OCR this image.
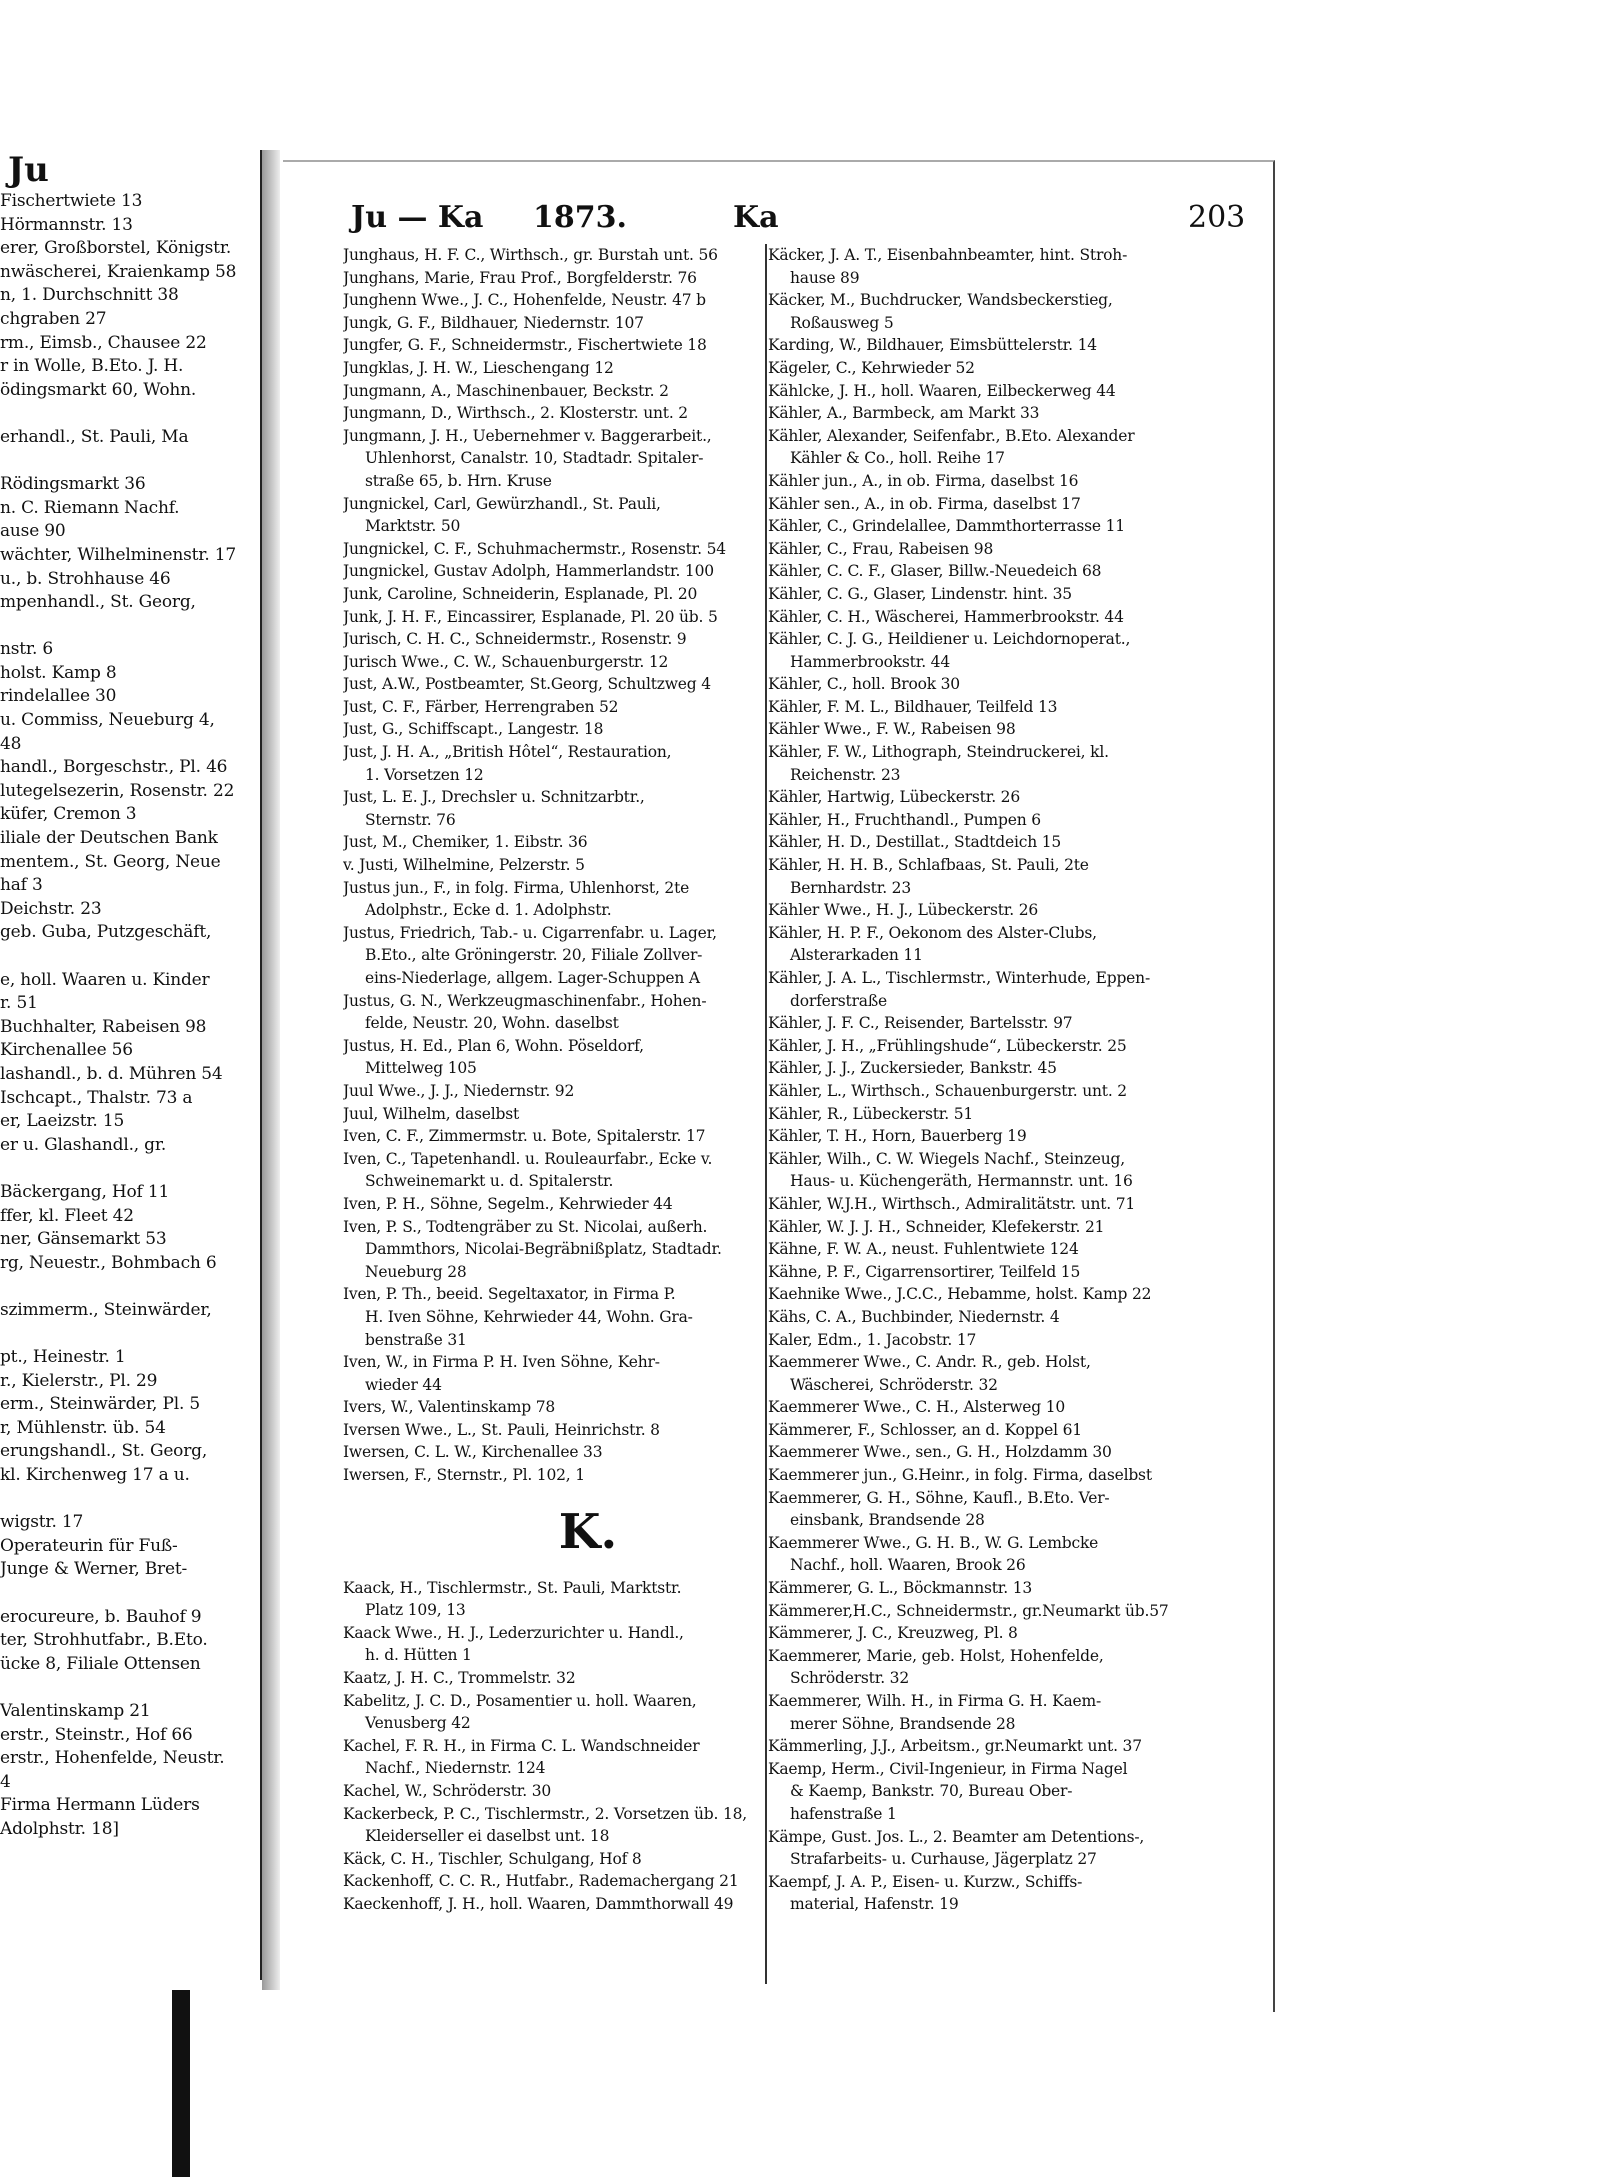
Ju
Fischertwiete 13
Hörmannstr. 13
erer, Großborstel, Königstr.
nwäscherei, Kraienkamp 58
n, 1. Durchschnitt 38
chgraben 27
rm., Eimsb., Chausee 22
r in Wolle, B.Eto. J. H.
ödingsmarkt 60, Wohn.
erhandl., St. Pauli, Ma
Rödingsmarkt 36
n. C. Riemann Nachf.
ause 90
wächter, Wilhelminenstr. 17
u., b. Strohhause 46
mpenhandl., St. Georg,
nstr. 6
holst. Kamp 8
rindelallee 30
u. Commiss, Neueburg 4,
48
handl., Borgeschstr., Pl. 46
lutegelsezerin, Rosenstr. 22
küfer, Cremon 3
iliale der Deutschen Bank
mentem., St. Georg, Neue
haf 3
Deichstr. 23
geb. Guba, Putzgeschäft,
e, holl. Waaren u. Kinder
r. 51
Buchhalter, Rabeisen 98
Kirchenallee 56
lashandl., b. d. Mühren 54
Ischcapt., Thalstr. 73 a
er, Laeizstr. 15
er u. Glashandl., gr.
Bäckergang, Hof 11
ffer, kl. Fleet 42
ner, Gänsemarkt 53
rg, Neuestr., Bohmbach 6
szimmerm., Steinwärder,
pt., Heinestr. 1
r., Kielerstr., Pl. 29
erm., Steinwärder, Pl. 5
r, Mühlenstr. üb. 54
erungshandl., St. Georg,
kl. Kirchenweg 17 a u.
wigstr. 17
Operateurin für Fuß-
Junge & Werner, Bret-
erocureure, b. Bauhof 9
ter, Strohhutfabr., B.Eto.
ücke 8, Filiale Ottensen
Valentinskamp 21
erstr., Steinstr., Hof 66
erstr., Hohenfelde, Neustr.
4
Firma Hermann Lüders
Adolphstr. 18]
Ju — Ka 1873.	Ka	203
Junghaus, H. F. C., Wirthsch., gr. Burstah unt. 56
Junghans, Marie, Frau Prof., Borgfelderstr. 76
Junghenn Wwe., J. C., Hohenfelde, Neustr. 47 b
Jungk, G. F., Bildhauer, Niedernstr. 107
Jungfer, G. F., Schneidermstr., Fischertwiete 18
Jungklas, J. H. W., Lieschengang 12
Jungmann, A., Maschinenbauer, Beckstr. 2
Jungmann, D., Wirthsch., 2. Klosterstr. unt. 2
Jungmann, J. H., Uebernehmer v. Baggerarbeit.,
Uhlenhorst, Canalstr. 10, Stadtadr. Spitaler-
straße 65, b. Hrn. Kruse
Jungnickel, Carl, Gewürzhandl., St. Pauli,
Marktstr. 50
Jungnickel, C. F., Schuhmachermstr., Rosenstr. 54
Jungnickel, Gustav Adolph, Hammerlandstr. 100
Junk, Caroline, Schneiderin, Esplanade, Pl. 20
Junk, J. H. F., Eincassirer, Esplanade, Pl. 20 üb. 5
Jurisch, C. H. C., Schneidermstr., Rosenstr. 9
Jurisch Wwe., C. W., Schauenburgerstr. 12
Just, A.W., Postbeamter, St.Georg, Schultzweg 4
Just, C. F., Färber, Herrengraben 52
Just, G., Schiffscapt., Langestr. 18
Just, J. H. A., „British Hôtel“, Restauration,
1. Vorsetzen 12
Just, L. E. J., Drechsler u. Schnitzarbtr.,
Sternstr. 76
Just, M., Chemiker, 1. Eibstr. 36
v. Justi, Wilhelmine, Pelzerstr. 5
Justus jun., F., in folg. Firma, Uhlenhorst, 2te
Adolphstr., Ecke d. 1. Adolphstr.
Justus, Friedrich, Tab.- u. Cigarrenfabr. u. Lager,
B.Eto., alte Gröningerstr. 20, Filiale Zollver-
eins-Niederlage, allgem. Lager-Schuppen A
Justus, G. N., Werkzeugmaschinenfabr., Hohen-
felde, Neustr. 20, Wohn. daselbst
Justus, H. Ed., Plan 6, Wohn. Pöseldorf,
Mittelweg 105
Juul Wwe., J. J., Niedernstr. 92
Juul, Wilhelm, daselbst
Iven, C. F., Zimmermstr. u. Bote, Spitalerstr. 17
Iven, C., Tapetenhandl. u. Rouleaurfabr., Ecke v.
Schweinemarkt u. d. Spitalerstr.
Iven, P. H., Söhne, Segelm., Kehrwieder 44
Iven, P. S., Todtengräber zu St. Nicolai, außerh.
Dammthors, Nicolai-Begräbnißplatz, Stadtadr.
Neueburg 28
Iven, P. Th., beeid. Segeltaxator, in Firma P.
H. Iven Söhne, Kehrwieder 44, Wohn. Gra-
benstraße 31
Iven, W., in Firma P. H. Iven Söhne, Kehr-
wieder 44
Ivers, W., Valentinskamp 78
Iversen Wwe., L., St. Pauli, Heinrichstr. 8
Iwersen, C. L. W., Kirchenallee 33
Iwersen, F., Sternstr., Pl. 102, 1
K.
Kaack, H., Tischlermstr., St. Pauli, Marktstr.
Platz 109, 13
Kaack Wwe., H. J., Lederzurichter u. Handl.,
h. d. Hütten 1
Kaatz, J. H. C., Trommelstr. 32
Kabelitz, J. C. D., Posamentier u. holl. Waaren,
Venusberg 42
Kachel, F. R. H., in Firma C. L. Wandschneider
Nachf., Niedernstr. 124
Kachel, W., Schröderstr. 30
Kackerbeck, P. C., Tischlermstr., 2. Vorsetzen üb. 18,
Kleiderseller ei daselbst unt. 18
Käck, C. H., Tischler, Schulgang, Hof 8
Kackenhoff, C. C. R., Hutfabr., Rademachergang 21
Kaeckenhoff, J. H., holl. Waaren, Dammthorwall 49
Käcker, J. A. T., Eisenbahnbeamter, hint. Stroh-
hause 89
Käcker, M., Buchdrucker, Wandsbeckerstieg,
Roßausweg 5
Karding, W., Bildhauer, Eimsbüttelerstr. 14
Kägeler, C., Kehrwieder 52
Kählcke, J. H., holl. Waaren, Eilbeckerweg 44
Kähler, A., Barmbeck, am Markt 33
Kähler, Alexander, Seifenfabr., B.Eto. Alexander
Kähler & Co., holl. Reihe 17
Kähler jun., A., in ob. Firma, daselbst 16
Kähler sen., A., in ob. Firma, daselbst 17
Kähler, C., Grindelallee, Dammthorterrasse 11
Kähler, C., Frau, Rabeisen 98
Kähler, C. C. F., Glaser, Billw.-Neuedeich 68
Kähler, C. G., Glaser, Lindenstr. hint. 35
Kähler, C. H., Wäscherei, Hammerbrookstr. 44
Kähler, C. J. G., Heildiener u. Leichdornoperat.,
Hammerbrookstr. 44
Kähler, C., holl. Brook 30
Kähler, F. M. L., Bildhauer, Teilfeld 13
Kähler Wwe., F. W., Rabeisen 98
Kähler, F. W., Lithograph, Steindruckerei, kl.
Reichenstr. 23
Kähler, Hartwig, Lübeckerstr. 26
Kähler, H., Fruchthandl., Pumpen 6
Kähler, H. D., Destillat., Stadtdeich 15
Kähler, H. H. B., Schlafbaas, St. Pauli, 2te
Bernhardstr. 23
Kähler Wwe., H. J., Lübeckerstr. 26
Kähler, H. P. F., Oekonom des Alster-Clubs,
Alsterarkaden 11
Kähler, J. A. L., Tischlermstr., Winterhude, Eppen-
dorferstraße
Kähler, J. F. C., Reisender, Bartelsstr. 97
Kähler, J. H., „Frühlingshude“, Lübeckerstr. 25
Kähler, J. J., Zuckersieder, Bankstr. 45
Kähler, L., Wirthsch., Schauenburgerstr. unt. 2
Kähler, R., Lübeckerstr. 51
Kähler, T. H., Horn, Bauerberg 19
Kähler, Wilh., C. W. Wiegels Nachf., Steinzeug,
Haus- u. Küchengeräth, Hermannstr. unt. 16
Kähler, W.J.H., Wirthsch., Admiralitätstr. unt. 71
Kähler, W. J. J. H., Schneider, Klefekerstr. 21
Kähne, F. W. A., neust. Fuhlentwiete 124
Kähne, P. F., Cigarrensortirer, Teilfeld 15
Kaehnike Wwe., J.C.C., Hebamme, holst. Kamp 22
Kähs, C. A., Buchbinder, Niedernstr. 4
Kaler, Edm., 1. Jacobstr. 17
Kaemmerer Wwe., C. Andr. R., geb. Holst,
Wäscherei, Schröderstr. 32
Kaemmerer Wwe., C. H., Alsterweg 10
Kämmerer, F., Schlosser, an d. Koppel 61
Kaemmerer Wwe., sen., G. H., Holzdamm 30
Kaemmerer jun., G.Heinr., in folg. Firma, daselbst
Kaemmerer, G. H., Söhne, Kaufl., B.Eto. Ver-
einsbank, Brandsende 28
Kaemmerer Wwe., G. H. B., W. G. Lembcke
Nachf., holl. Waaren, Brook 26
Kämmerer, G. L., Böckmannstr. 13
Kämmerer,H.C., Schneidermstr., gr.Neumarkt üb.57
Kämmerer, J. C., Kreuzweg, Pl. 8
Kaemmerer, Marie, geb. Holst, Hohenfelde,
Schröderstr. 32
Kaemmerer, Wilh. H., in Firma G. H. Kaem-
merer Söhne, Brandsende 28
Kämmerling, J.J., Arbeitsm., gr.Neumarkt unt. 37
Kaemp, Herm., Civil-Ingenieur, in Firma Nagel
& Kaemp, Bankstr. 70, Bureau Ober-
hafenstraße 1
Kämpe, Gust. Jos. L., 2. Beamter am Detentions-,
Strafarbeits- u. Curhause, Jägerplatz 27
Kaempf, J. A. P., Eisen- u. Kurzw., Schiffs-
material, Hafenstr. 19
